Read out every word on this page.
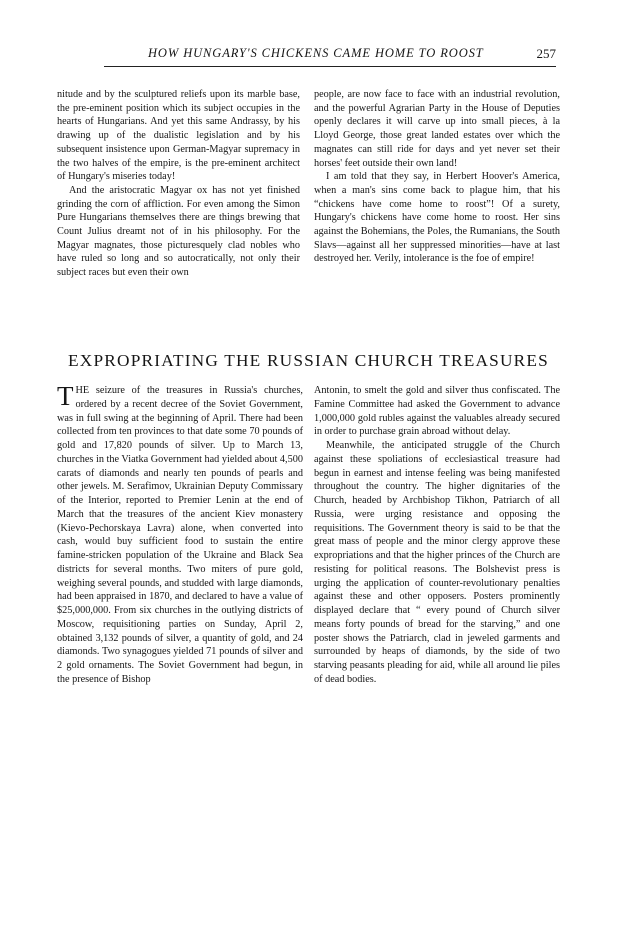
HOW HUNGARY'S CHICKENS CAME HOME TO ROOST	257

nitude and by the sculptured reliefs upon its marble base, the pre-eminent position which its subject occupies in the hearts of Hungarians. And yet this same Andrassy, by his drawing up of the dualistic legislation and by his subsequent insistence upon German-Magyar supremacy in the two halves of the empire, is the pre-eminent architect of Hungary's miseries today!

And the aristocratic Magyar ox has not yet finished grinding the corn of affliction. For even among the Simon Pure Hungarians themselves there are things brewing that Count Julius dreamt not of in his philosophy. For the Magyar magnates, those picturesquely clad nobles who have ruled so long and so autocratically, not only their subject races but even their own

people, are now face to face with an industrial revolution, and the powerful Agrarian Party in the House of Deputies openly declares it will carve up into small pieces, à la Lloyd George, those great landed estates over which the magnates can still ride for days and yet never set their horses' feet outside their own land!

I am told that they say, in Herbert Hoover's America, when a man's sins come back to plague him, that his “chickens have come home to roost”! Of a surety, Hungary's chickens have come home to roost. Her sins against the Bohemians, the Poles, the Rumanians, the South Slavs—against all her suppressed minorities—have at last destroyed her. Verily, intolerance is the foe of empire!

EXPROPRIATING THE RUSSIAN CHURCH TREASURES

THE seizure of the treasures in Russia's churches, ordered by a recent decree of the Soviet Government, was in full swing at the beginning of April. There had been collected from ten provinces to that date some 70 pounds of gold and 17,820 pounds of silver. Up to March 13, churches in the Viatka Government had yielded about 4,500 carats of diamonds and nearly ten pounds of pearls and other jewels. M. Serafimov, Ukrainian Deputy Commissary of the Interior, reported to Premier Lenin at the end of March that the treasures of the ancient Kiev monastery (Kievo-Pechorskaya Lavra) alone, when converted into cash, would buy sufficient food to sustain the entire famine-stricken population of the Ukraine and Black Sea districts for several months. Two miters of pure gold, weighing several pounds, and studded with large diamonds, had been appraised in 1870, and declared to have a value of $25,000,000. From six churches in the outlying districts of Moscow, requisitioning parties on Sunday, April 2, obtained 3,132 pounds of silver, a quantity of gold, and 24 diamonds. Two synagogues yielded 71 pounds of silver and 2 gold ornaments. The Soviet Government had begun, in the presence of Bishop

Antonin, to smelt the gold and silver thus confiscated. The Famine Committee had asked the Government to advance 1,000,000 gold rubles against the valuables already secured in order to purchase grain abroad without delay.

Meanwhile, the anticipated struggle of the Church against these spoliations of ecclesiastical treasure had begun in earnest and intense feeling was being manifested throughout the country. The higher dignitaries of the Church, headed by Archbishop Tikhon, Patriarch of all Russia, were urging resistance and opposing the requisitions. The Government theory is said to be that the great mass of people and the minor clergy approve these expropriations and that the higher princes of the Church are resisting for political reasons. The Bolshevist press is urging the application of counter-revolutionary penalties against these and other opposers. Posters prominently displayed declare that “ every pound of Church silver means forty pounds of bread for the starving,” and one poster shows the Patriarch, clad in jeweled garments and surrounded by heaps of diamonds, by the side of two starving peasants pleading for aid, while all around lie piles of dead bodies.
